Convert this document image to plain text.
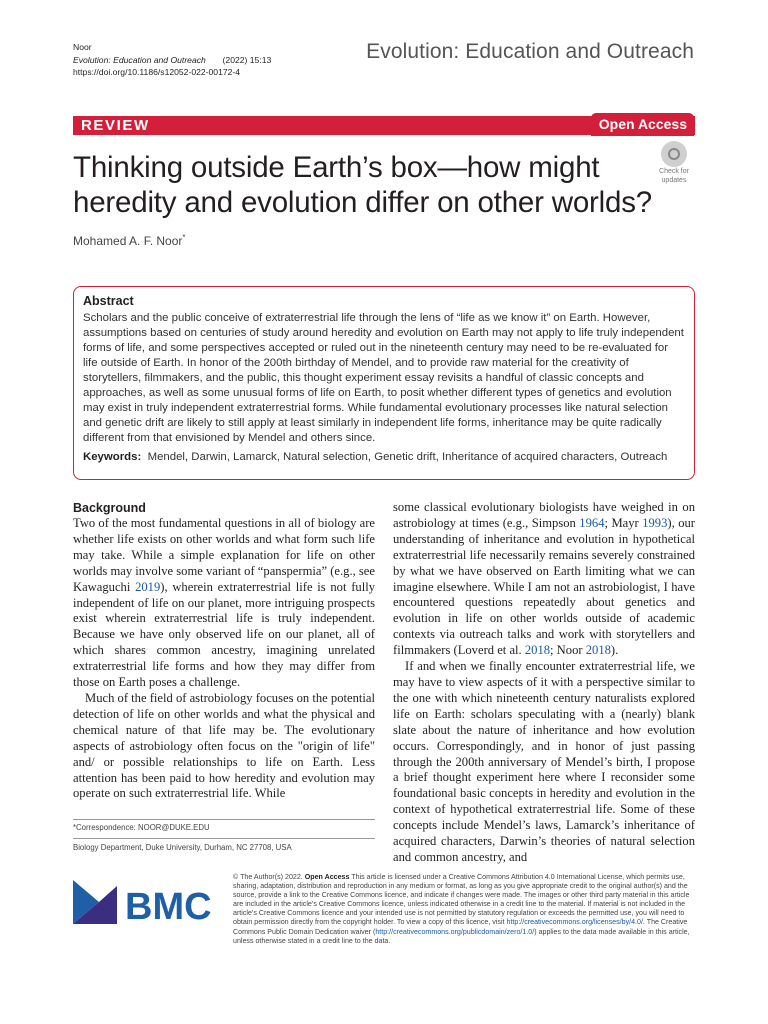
Noor
Evolution: Education and Outreach (2022) 15:13
https://doi.org/10.1186/s12052-022-00172-4
Evolution: Education and Outreach
REVIEW	Open Access
Thinking outside Earth’s box—how might heredity and evolution differ on other worlds?
Check for
updates
Mohamed A. F. Noor*
Abstract
Scholars and the public conceive of extraterrestrial life through the lens of “life as we know it” on Earth. However, assumptions based on centuries of study around heredity and evolution on Earth may not apply to life truly independent forms of life, and some perspectives accepted or ruled out in the nineteenth century may need to be re-evaluated for life outside of Earth. In honor of the 200th birthday of Mendel, and to provide raw material for the creativity of storytellers, filmmakers, and the public, this thought experiment essay revisits a handful of classic concepts and approaches, as well as some unusual forms of life on Earth, to posit whether different types of genetics and evolution may exist in truly independent extraterrestrial forms. While fundamental evolutionary processes like natural selection and genetic drift are likely to still apply at least similarly in independent life forms, inheritance may be quite radically different from that envisioned by Mendel and others since.
Keywords: Mendel, Darwin, Lamarck, Natural selection, Genetic drift, Inheritance of acquired characters, Outreach
Background

Two of the most fundamental questions in all of biology are whether life exists on other worlds and what form such life may take. While a simple explanation for life on other worlds may involve some variant of “panspermia” (e.g., see Kawaguchi 2019), wherein extraterrestrial life is not fully independent of life on our planet, more intriguing prospects exist wherein extraterrestrial life is truly independent. Because we have only observed life on our planet, all of which shares common ancestry, imagining unrelated extraterrestrial life forms and how they may differ from those on Earth poses a challenge.

Much of the field of astrobiology focuses on the potential detection of life on other worlds and what the physical and chemical nature of that life may be. The evolutionary aspects of astrobiology often focus on the "origin of life" and/ or possible relationships to life on Earth. Less attention has been paid to how heredity and evolution may operate on such extraterrestrial life. While

some classical evolutionary biologists have weighed in on astrobiology at times (e.g., Simpson 1964; Mayr 1993), our understanding of inheritance and evolution in hypothetical extraterrestrial life necessarily remains severely constrained by what we have observed on Earth limiting what we can imagine elsewhere. While I am not an astrobiologist, I have encountered questions repeatedly about genetics and evolution in life on other worlds outside of academic contexts via outreach talks and work with storytellers and filmmakers (Loverd et al. 2018; Noor 2018).

If and when we finally encounter extraterrestrial life, we may have to view aspects of it with a perspective similar to the one with which nineteenth century naturalists explored life on Earth: scholars speculating with a (nearly) blank slate about the nature of inheritance and how evolution occurs. Correspondingly, and in honor of just passing through the 200th anniversary of Mendel’s birth, I propose a brief thought experiment here where I reconsider some foundational basic concepts in heredity and evolution in the context of hypothetical extraterrestrial life. Some of these concepts include Mendel’s laws, Lamarck’s inheritance of acquired characters, Darwin’s theories of natural selection and common ancestry, and

*Correspondence: NOOR@DUKE.EDU
Biology Department, Duke University, Durham, NC 27708, USA
BMC
© The Author(s) 2022. Open Access This article is licensed under a Creative Commons Attribution 4.0 International License, which permits use, sharing, adaptation, distribution and reproduction in any medium or format, as long as you give appropriate credit to the original author(s) and the source, provide a link to the Creative Commons licence, and indicate if changes were made. The images or other third party material in this article are included in the article’s Creative Commons licence, unless indicated otherwise in a credit line to the material. If material is not included in the article’s Creative Commons licence and your intended use is not permitted by statutory regulation or exceeds the permitted use, you will need to obtain permission directly from the copyright holder. To view a copy of this licence, visit http://creativecommons.org/licenses/by/4.0/. The Creative Commons Public Domain Dedication waiver (http://creativecommons.org/publicdomain/zero/1.0/) applies to the data made available in this article, unless otherwise stated in a credit line to the data.
